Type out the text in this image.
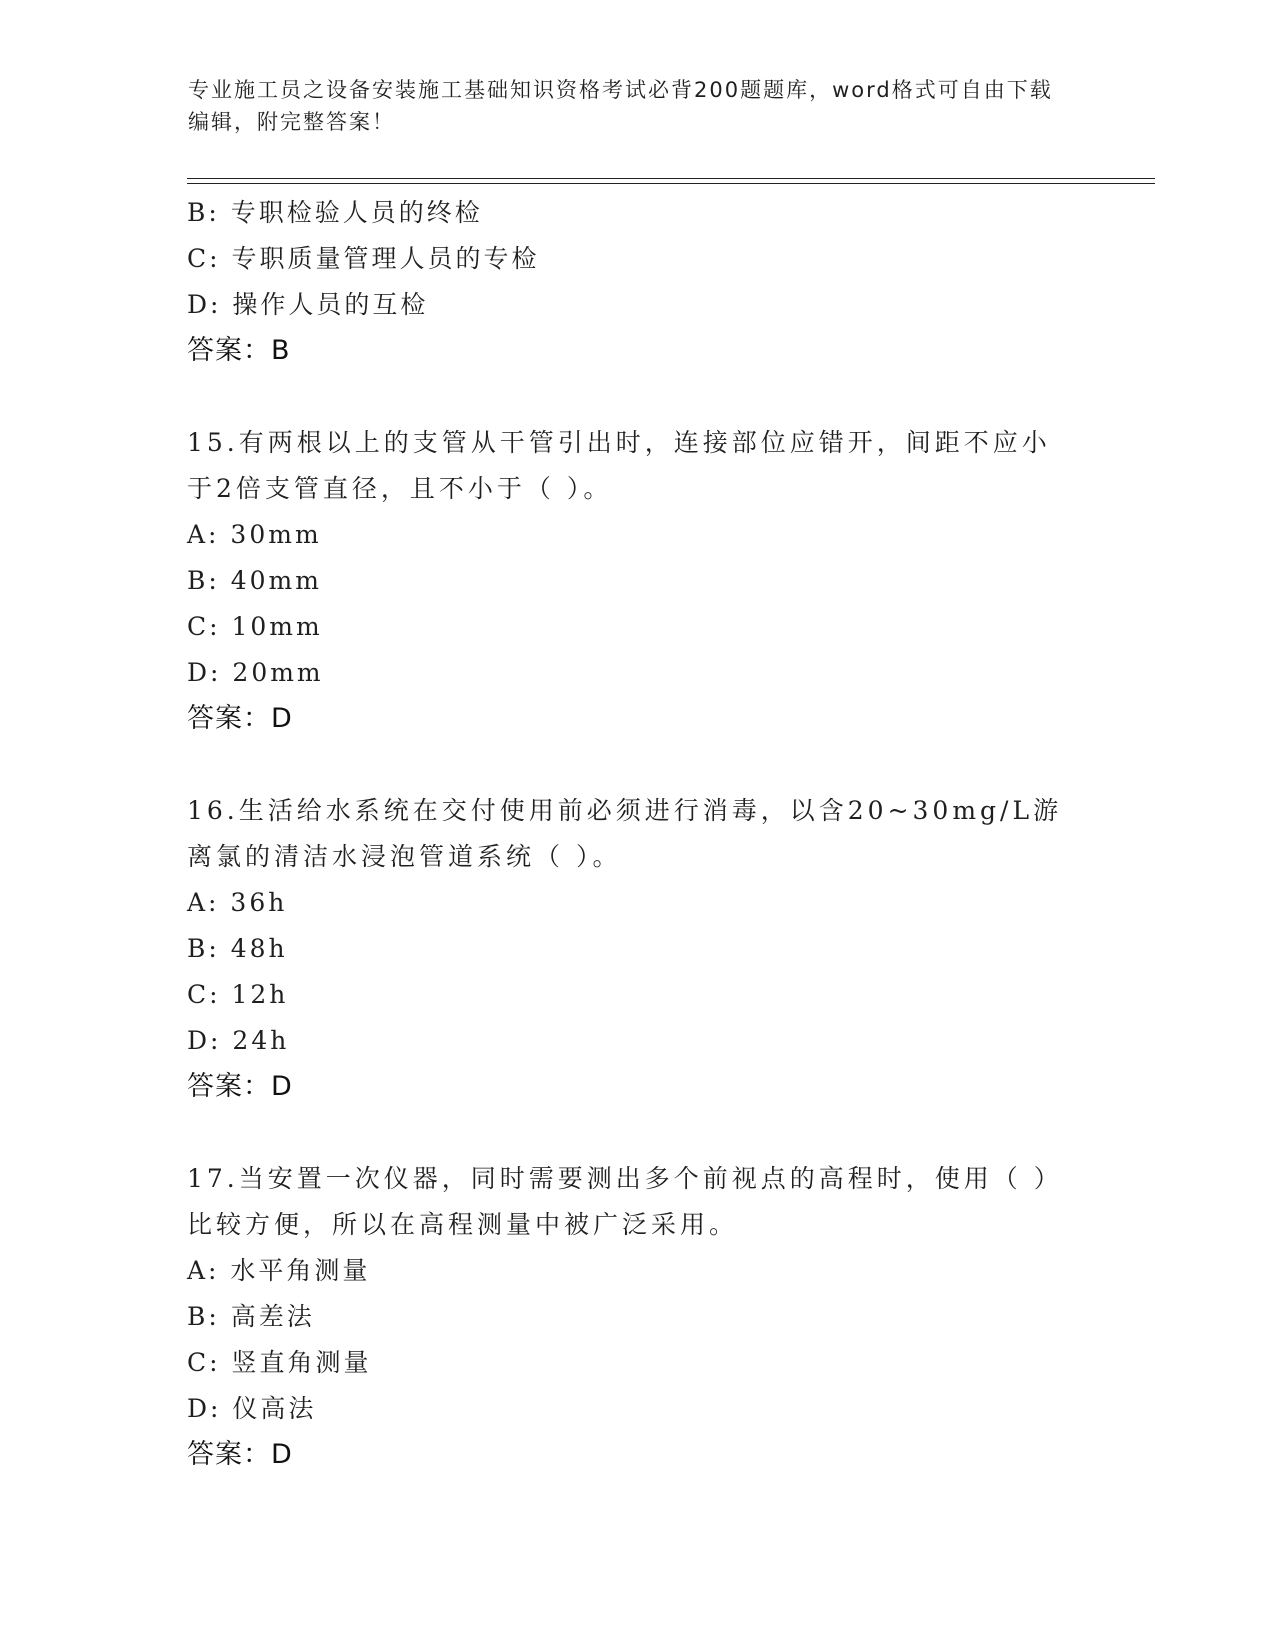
专业施工员之设备安装施工基础知识资格考试必背200题题库，word格式可自由下载编辑，附完整答案！
B: 专职检验人员的终检
C: 专职质量管理人员的专检
D: 操作人员的互检
答案：B
15.有两根以上的支管从干管引出时，连接部位应错开，间距不应小于2倍支管直径，且不小于（ ）。
A: 30mm
B: 40mm
C: 10mm
D: 20mm
答案：D
16.生活给水系统在交付使用前必须进行消毒，以含20~30mg/L游离氯的清洁水浸泡管道系统（ ）。
A: 36h
B: 48h
C: 12h
D: 24h
答案：D
17.当安置一次仪器，同时需要测出多个前视点的高程时，使用（ ）比较方便，所以在高程测量中被广泛采用。
A: 水平角测量
B: 高差法
C: 竖直角测量
D: 仪高法
答案：D
